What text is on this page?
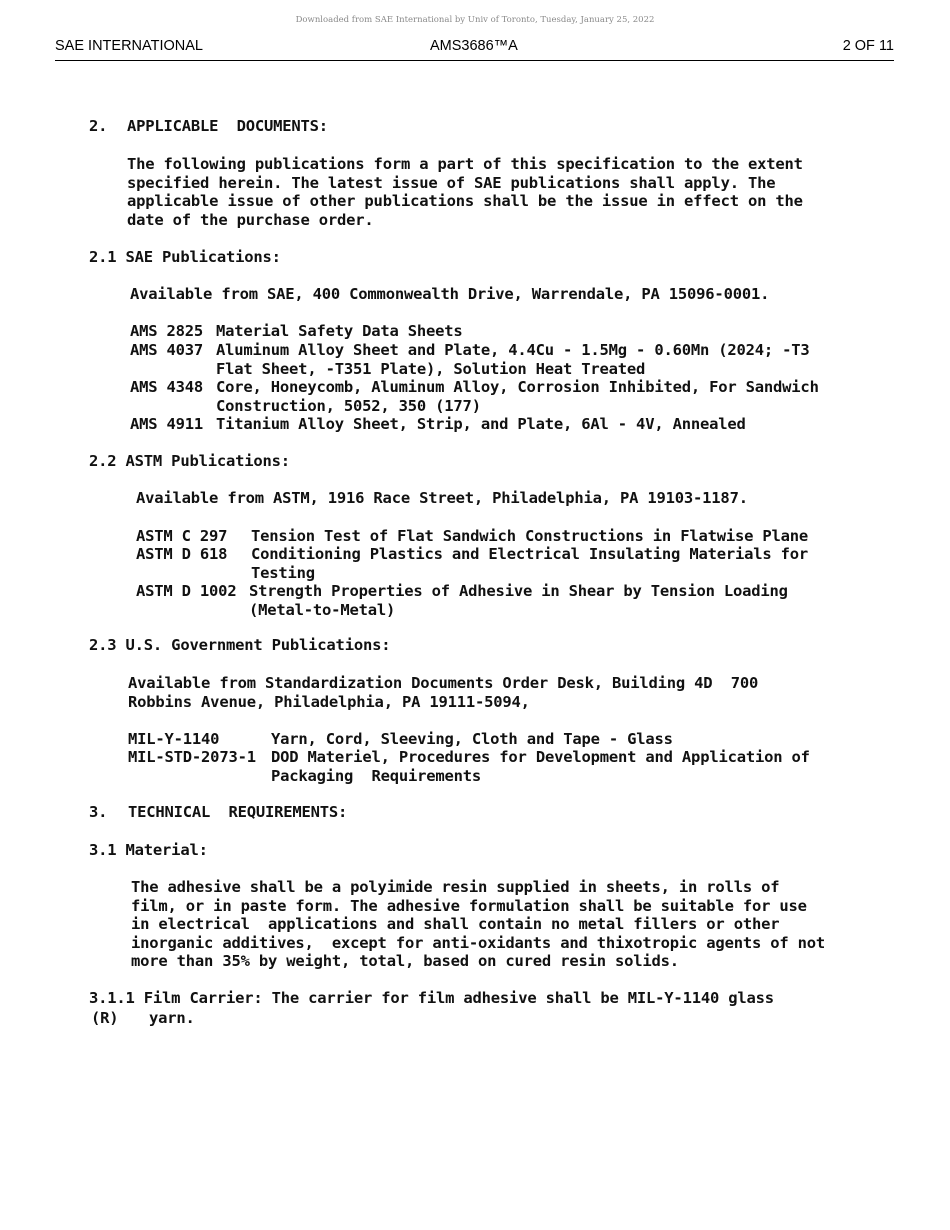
Downloaded from SAE International by Univ of Toronto, Tuesday, January 25, 2022
SAE INTERNATIONAL	AMS3686™A	2 OF 11
2. APPLICABLE  DOCUMENTS:
The following publications form a part of this specification to the extent
specified herein. The latest issue of SAE publications shall apply. The
applicable issue of other publications shall be the issue in effect on the
date of the purchase order.
2.1 SAE Publications:
Available from SAE, 400 Commonwealth Drive, Warrendale, PA 15096-0001.
AMS 2825 Material Safety Data Sheets
AMS 4037 Aluminum Alloy Sheet and Plate, 4.4Cu - 1.5Mg - 0.60Mn (2024; -T3
Flat Sheet, -T351 Plate), Solution Heat Treated
AMS 4348 Core, Honeycomb, Aluminum Alloy, Corrosion Inhibited, For Sandwich
Construction, 5052, 350 (177)
AMS 4911 Titanium Alloy Sheet, Strip, and Plate, 6Al - 4V, Annealed
2.2 ASTM Publications:
Available from ASTM, 1916 Race Street, Philadelphia, PA 19103-1187.
ASTM C 297 Tension Test of Flat Sandwich Constructions in Flatwise Plane
ASTM D 618 Conditioning Plastics and Electrical Insulating Materials for
Testing
ASTM D 1002 Strength Properties of Adhesive in Shear by Tension Loading
(Metal-to-Metal)
2.3 U.S. Government Publications:
Available from Standardization Documents Order Desk, Building 4D  700
Robbins Avenue, Philadelphia, PA 19111-5094,
MIL-Y-1140	Yarn, Cord, Sleeving, Cloth and Tape - Glass
MIL-STD-2073-1 DOD Materiel, Procedures for Development and Application of
Packaging  Requirements
3. TECHNICAL  REQUIREMENTS:
3.1 Material:
The adhesive shall be a polyimide resin supplied in sheets, in rolls of
film, or in paste form. The adhesive formulation shall be suitable for use
in electrical  applications and shall contain no metal fillers or other
inorganic additives,  except for anti-oxidants and thixotropic agents of not
more than 35% by weight, total, based on cured resin solids.
3.1.1 Film Carrier: The carrier for film adhesive shall be MIL-Y-1140 glass
(R) yarn.
